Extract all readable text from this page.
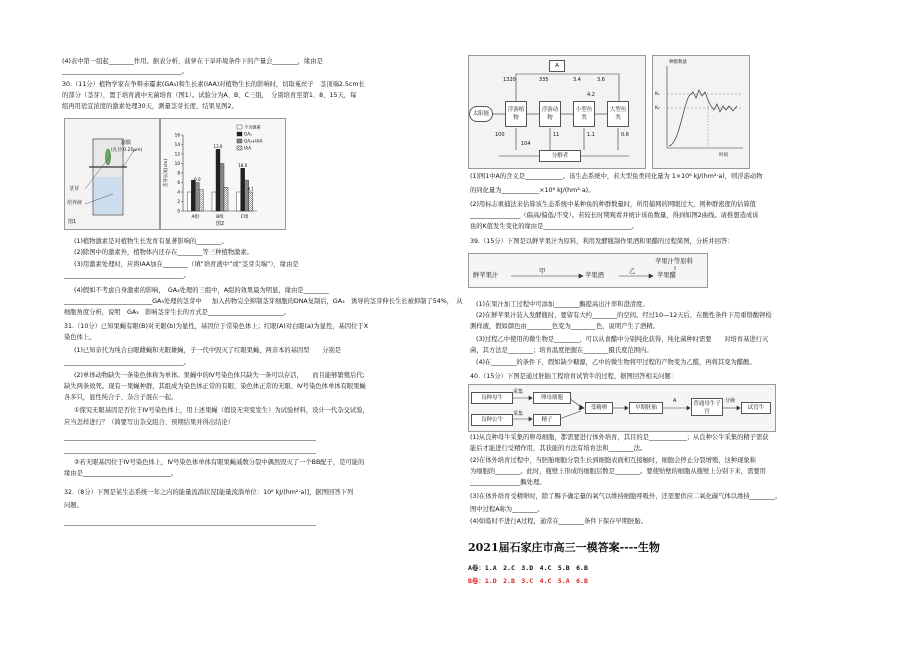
(4)表中第一组起________作用。据表分析，菠萝在干旱环境条件下的产量会________，缘由是
______________________________________。
30.（11分）植物学家在争辩赤霉素(GA₃)和生长素(IAA)对植物生长的影响时，切取菟丝子　茎顶端2.5cm长
的部分（茎芽），置于培育液中无菌培育（图1）。试验分为A、B、C三组，　分别培育至第1、8、15天，每
组再用适宜浓度的激素处理30天，测量茎芽长度，结果见图2。
滤膜
(孔径 0.25μm)
茎芽
培养液
图1
0
2
4
6
8
10
12
14
16
茎芽长度(cm)
A组	B组	C组
6.0
13.0
18.0
4.1
不含激素
GA₃
GA₃+IAA
IAA
图2
(1)植物激素是对植物生长发育有显著影响的________。
(2)除图中的激素外，植物体内还存在________等三种植物激素。
(3)用激素处理时，应将IAA加在________（填“培育液中”或“茎芽尖端”），缘由是
______________________________________。
(4)假如不考虑自身激素的影响，　GA₃处理的三组中，A组的效果最为明显，缘由是________
____________________________GA₃处理的茎芽中 加入药物完全抑制茎芽细胞的DNA复制后，GA₃　诱导的茎芽伸长生长被抑制了54%，　从
细胞角度分析，说明　GA₃　影响茎芽生长的方式是________________________。
31.（10分）已知果蝇有眼(B)对无眼(b)为显性，基因位于常染色体上；红眼(A)对白眼(a)为显性，基因位于X
染色体上。
(1)已知亲代为纯合白眼雌蝇和无眼雄蝇，子一代中毁灭了红眼果蝇，两亲本的基因型　　分别是
______________________________________。
(2)单体动物缺失一条染色体称为单体。果蝇中的Ⅳ号染色体只缺失一条可以存活，　　而且能够繁殖后代;
缺失两条致死。现有一果蝇种群，其组成为染色体正常的有眼、染色体正常的无眼、Ⅳ号染色体单体有眼果蝇
各多只，显性纯合子、杂合子混在一起。
①探究无眼基因是否位于Ⅳ号染色体上，用上述果蝇（假设无突变发生）为试验材料，设计一代杂交试验，
应当怎样进行？（简要写出杂交组合、预期结果并得出结论）
________________________________________________________________________________
________________________________________________________________________________
②若无眼基因位于Ⅳ号染色体上，Ⅳ号染色体单体有眼果蝇减数分裂中偶然毁灭了一个BB配子，是可能的
缘由是____________________________。
32.（8分）下图是某生态系统一年之内的能量流淌状况[能量流淌单位：10⁸ kJ/(hm²·a)]，据图回答下列
问题。
________________________________________________________________________________
太阳能
浮游植物
浮游动物
小型鱼类
大型鱼类
分解者
A
1320	335	3.4	3.6
100
104
11	1.1
4.2
0.6
K₁
K₂
种群数量
时间
(1)图1中A的含义是____________。该生态系统中，若大型鱼类同化量为 1×10⁸ kJ/(hm²·a)，则浮游动物
的同化量为____________×10⁸ kJ/(hm²·a)。
(2)用标志重捕法来估算该生态系统中某种鱼的种群数量时，所用捕网的网眼过大，则种群密度的估算值
________________（偏高/偏低/不变）。若较长时期观看并统计该鱼数量，得到如图2曲线。请推想造成该
鱼的K值发生变化的缘由是____________________________。
39.（15分）下图是以鲜苹果汁为原料，利用发酵瓶制作果酒和果醋的过程简图，分析并回答：
鲜苹果汁
甲
苹果酒
乙
苹果醋
苹果汁等原料
(1)在果汁加工过程中可添加________酶提高出汁率和澄清度。
(2)在鲜苹果汁装入发酵瓶时，要留有大约________的空间。经过10—12天后，在酸性条件下用重铬酸钾检
测样液，假如颜色由________色变为________色，说明产生了酒精。
(3)过程乙中使用的微生物是________，可以从食醋中分别纯化获得，纯化菌种时需要　　对培育基进行灭
菌，其方法是________；培育温度把握在________摄氏度范围内。
(4)在________的条件下，假如缺少糖源，乙中的微生物将甲过程的产物变为乙醛，再将其变为醋酸。
40.（15分）下图是通过胚胎工程培育试管牛的过程，据图回答相关问题：
良种母牛
良种公牛
采集
采集
卵母细胞
精子
受精卵	早期胚胎
A	普通母牛子宫
分娩
试管牛
(1)从良种母牛采集的卵母细胞，都需要进行体外培育，其目的是____________；从良种公牛采集的精子需获
能后才能进行受精作用，其获能的方法有培育法和________法。
(2)在体外培育过程中，当胚胎细胞分裂生长到细胞表面相互接触时，细胞会停止分裂增殖，这种现象称
为细胞的________。此时，瓶壁上形成的细胞层数是________。要使贴壁的细胞从瓶壁上分别下来，需要用
________________酶处理。
(3)在体外培育受精卵时，除了赐予确定量的氧气以维持细胞呼吸外，还需要供应二氧化碳气体以维持________。
图中过程A称为________。
(4)如临时不进行A过程，通常在________条件下保存早期胚胎。
2021届石家庄市高三一模答案----生物
A卷：1.A　2.C　3.D　4.C　5.B　6.B
B卷：1.D　2.B　3.C　4.C　5.A　6.B
